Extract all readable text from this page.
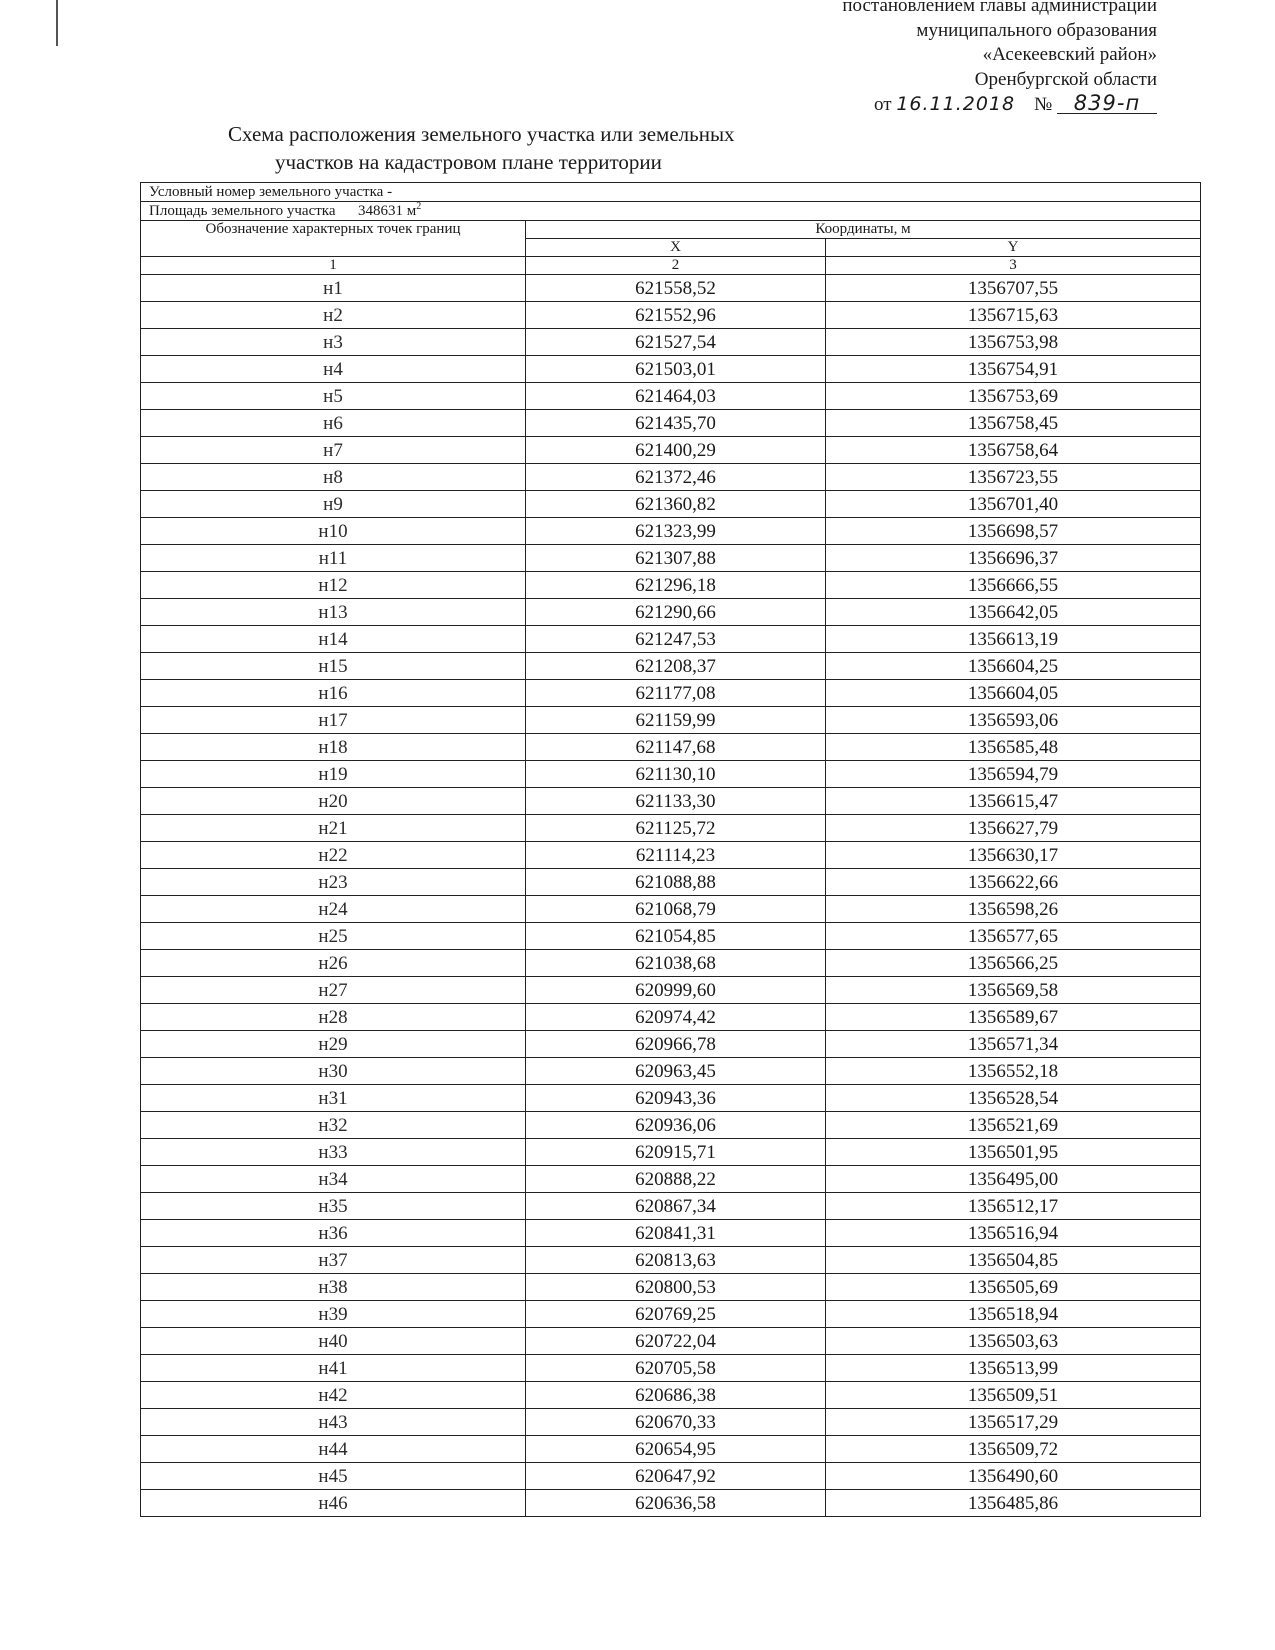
постановлением главы администрации
муниципального образования
«Асекеевский район»
Оренбургской области
от 16.11.2018 № 839-п
Схема расположения земельного участка или земельных
участков на кадастровом плане территории
Условный номер земельного участка -		
Площадь земельного участка 348631 $м^2$
Обозначение характерных точек границ	Координаты, м	
	X	Y
1	2	3
н1	621558,52	1356707,55
н2	621552,96	1356715,63
н3	621527,54	1356753,98
н4	621503,01	1356754,91
н5	621464,03	1356753,69
н6	621435,70	1356758,45
н7	621400,29	1356758,64
н8	621372,46	1356723,55
н9	621360,82	1356701,40
н10	621323,99	1356698,57
н11	621307,88	1356696,37
н12	621296,18	1356666,55
н13	621290,66	1356642,05
н14	621247,53	1356613,19
н15	621208,37	1356604,25
н16	621177,08	1356604,05
н17	621159,99	1356593,06
н18	621147,68	1356585,48
н19	621130,10	1356594,79
н20	621133,30	1356615,47
н21	621125,72	1356627,79
н22	621114,23	1356630,17
н23	621088,88	1356622,66
н24	621068,79	1356598,26
н25	621054,85	1356577,65
н26	621038,68	1356566,25
н27	620999,60	1356569,58
н28	620974,42	1356589,67
н29	620966,78	1356571,34
н30	620963,45	1356552,18
н31	620943,36	1356528,54
н32	620936,06	1356521,69
н33	620915,71	1356501,95
н34	620888,22	1356495,00
н35	620867,34	1356512,17
н36	620841,31	1356516,94
н37	620813,63	1356504,85
н38	620800,53	1356505,69
н39	620769,25	1356518,94
н40	620722,04	1356503,63
н41	620705,58	1356513,99
н42	620686,38	1356509,51
н43	620670,33	1356517,29
н44	620654,95	1356509,72
н45	620647,92	1356490,60
н46	620636,58	1356485,86
